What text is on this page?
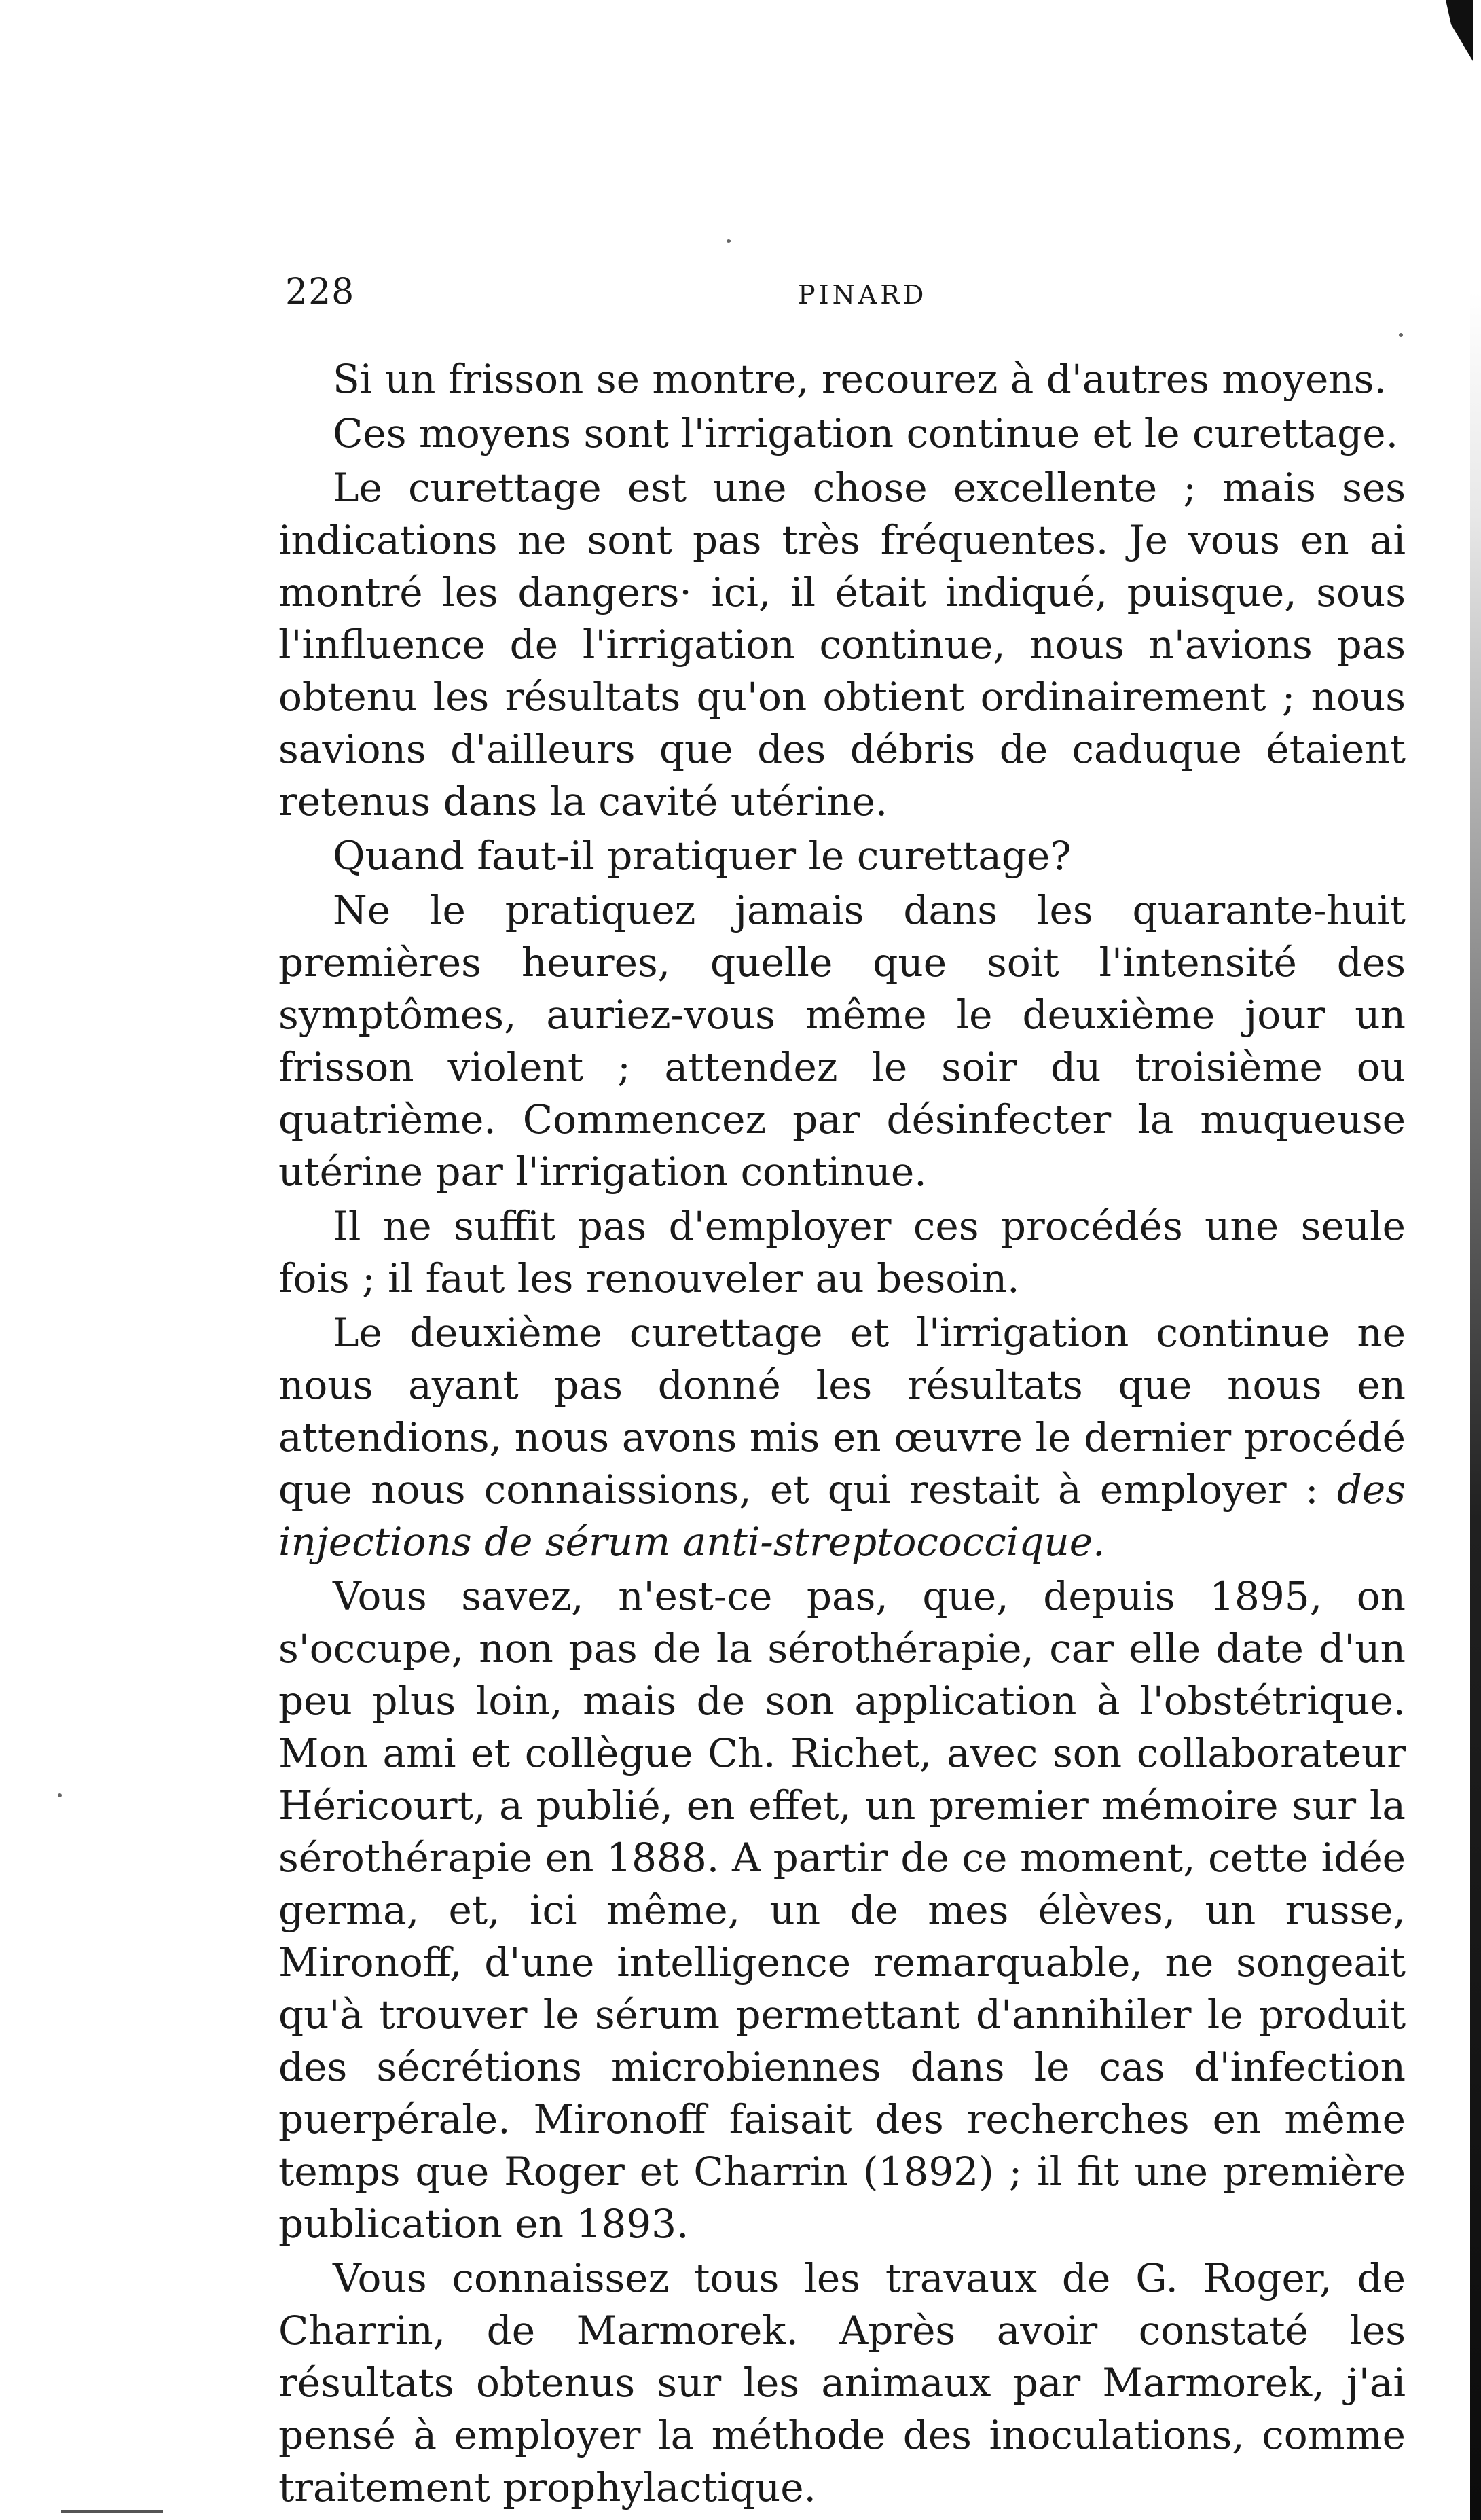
228	PINARD

Si un frisson se montre, recourez à d'autres moyens.

Ces moyens sont l'irrigation continue et le curettage.

Le curettage est une chose excellente ; mais ses indications ne sont pas très fréquentes. Je vous en ai montré les dangers· ici, il était indiqué, puisque, sous l'influence de l'irrigation continue, nous n'avions pas obtenu les résultats qu'on obtient ordinairement ; nous savions d'ailleurs que des débris de caduque étaient retenus dans la cavité utérine.

Quand faut-il pratiquer le curettage?

Ne le pratiquez jamais dans les quarante-huit premières heures, quelle que soit l'intensité des symptômes, auriez-vous même le deuxième jour un frisson violent ; attendez le soir du troisième ou quatrième. Commencez par désinfecter la muqueuse utérine par l'irrigation continue.

Il ne suffit pas d'employer ces procédés une seule fois ; il faut les renouveler au besoin.

Le deuxième curettage et l'irrigation continue ne nous ayant pas donné les résultats que nous en attendions, nous avons mis en œuvre le dernier procédé que nous connaissions, et qui restait à employer : des injections de sérum anti-streptococcique.

Vous savez, n'est-ce pas, que, depuis 1895, on s'occupe, non pas de la sérothérapie, car elle date d'un peu plus loin, mais de son application à l'obstétrique. Mon ami et collègue Ch. Richet, avec son collaborateur Héricourt, a publié, en effet, un premier mémoire sur la sérothérapie en 1888. A partir de ce moment, cette idée germa, et, ici même, un de mes élèves, un russe, Mironoff, d'une intelligence remarquable, ne songeait qu'à trouver le sérum permettant d'annihiler le produit des sécrétions microbiennes dans le cas d'infection puerpérale. Mironoff faisait des recherches en même temps que Roger et Charrin (1892) ; il fit une première publication en 1893.

Vous connaissez tous les travaux de G. Roger, de Charrin, de Marmorek. Après avoir constaté les résultats obtenus sur les animaux par Marmorek, j'ai pensé à employer la méthode des inoculations, comme traitement prophylactique.
